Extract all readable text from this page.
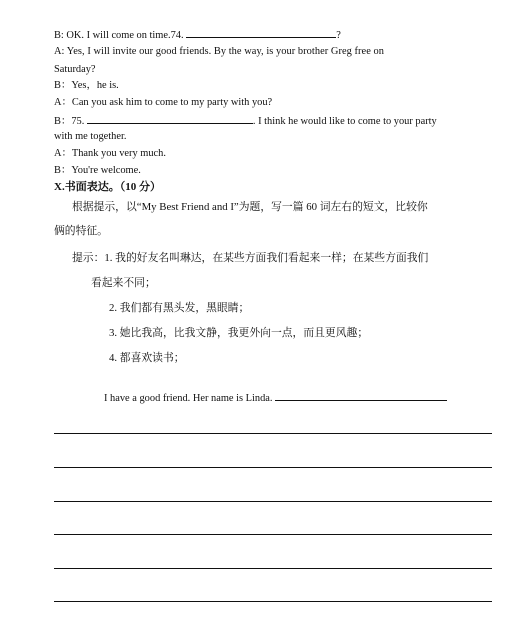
B: OK. I will come on time.74.	?
A: Yes, I will invite our good friends. By the way, is your brother Greg free on
Saturday?
B：Yes，he is.
A：Can you ask him to come to my party with you?
B：75.	. I think he would like to come to your party
with me together.
A：Thank you very much.
B：You're welcome.
X.书面表达。（10 分）
根据提示，以“My Best Friend and I”为题，写一篇 60 词左右的短文，比较你
俩的特征。
提示：1. 我的好友名叫琳达，在某些方面我们看起来一样；在某些方面我们
看起来不同；
2. 我们都有黑头发，黑眼睛；
3. 她比我高，比我文静，我更外向一点，而且更风趣；
4. 都喜欢读书；
I have a good friend. Her name is Linda.
